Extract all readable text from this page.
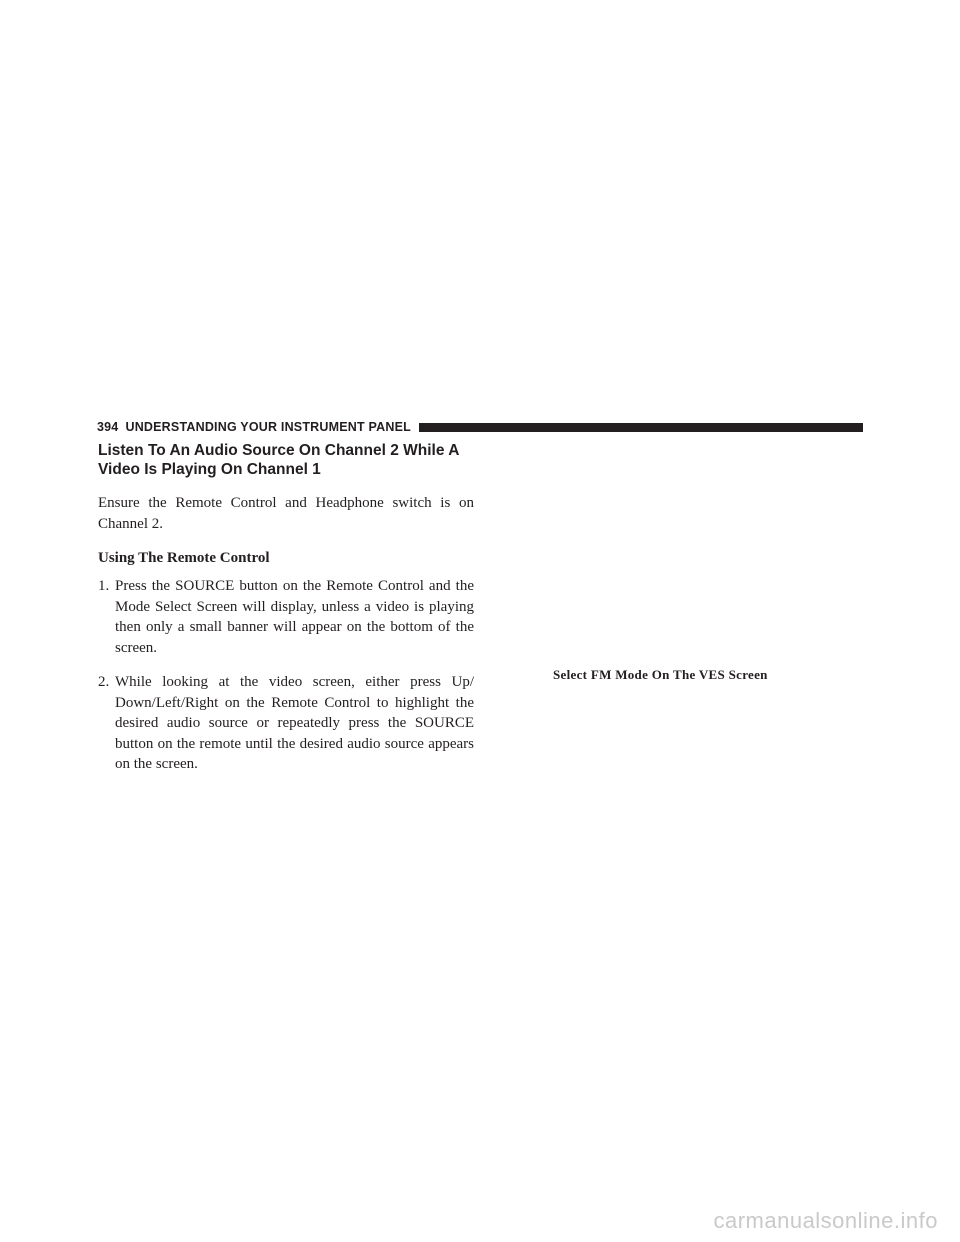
394 UNDERSTANDING YOUR INSTRUMENT PANEL
Listen To An Audio Source On Channel 2 While A Video Is Playing On Channel 1

Ensure the Remote Control and Headphone switch is on Channel 2.

Using The Remote Control
1. Press the SOURCE button on the Remote Control and the Mode Select Screen will display, unless a video is playing then only a small banner will appear on the bottom of the screen.
2. While looking at the video screen, either press Up/ Down/Left/Right on the Remote Control to highlight the desired audio source or repeatedly press the SOURCE button on the remote until the desired audio source appears on the screen.
Select FM Mode On The VES Screen
carmanualsonline.info
